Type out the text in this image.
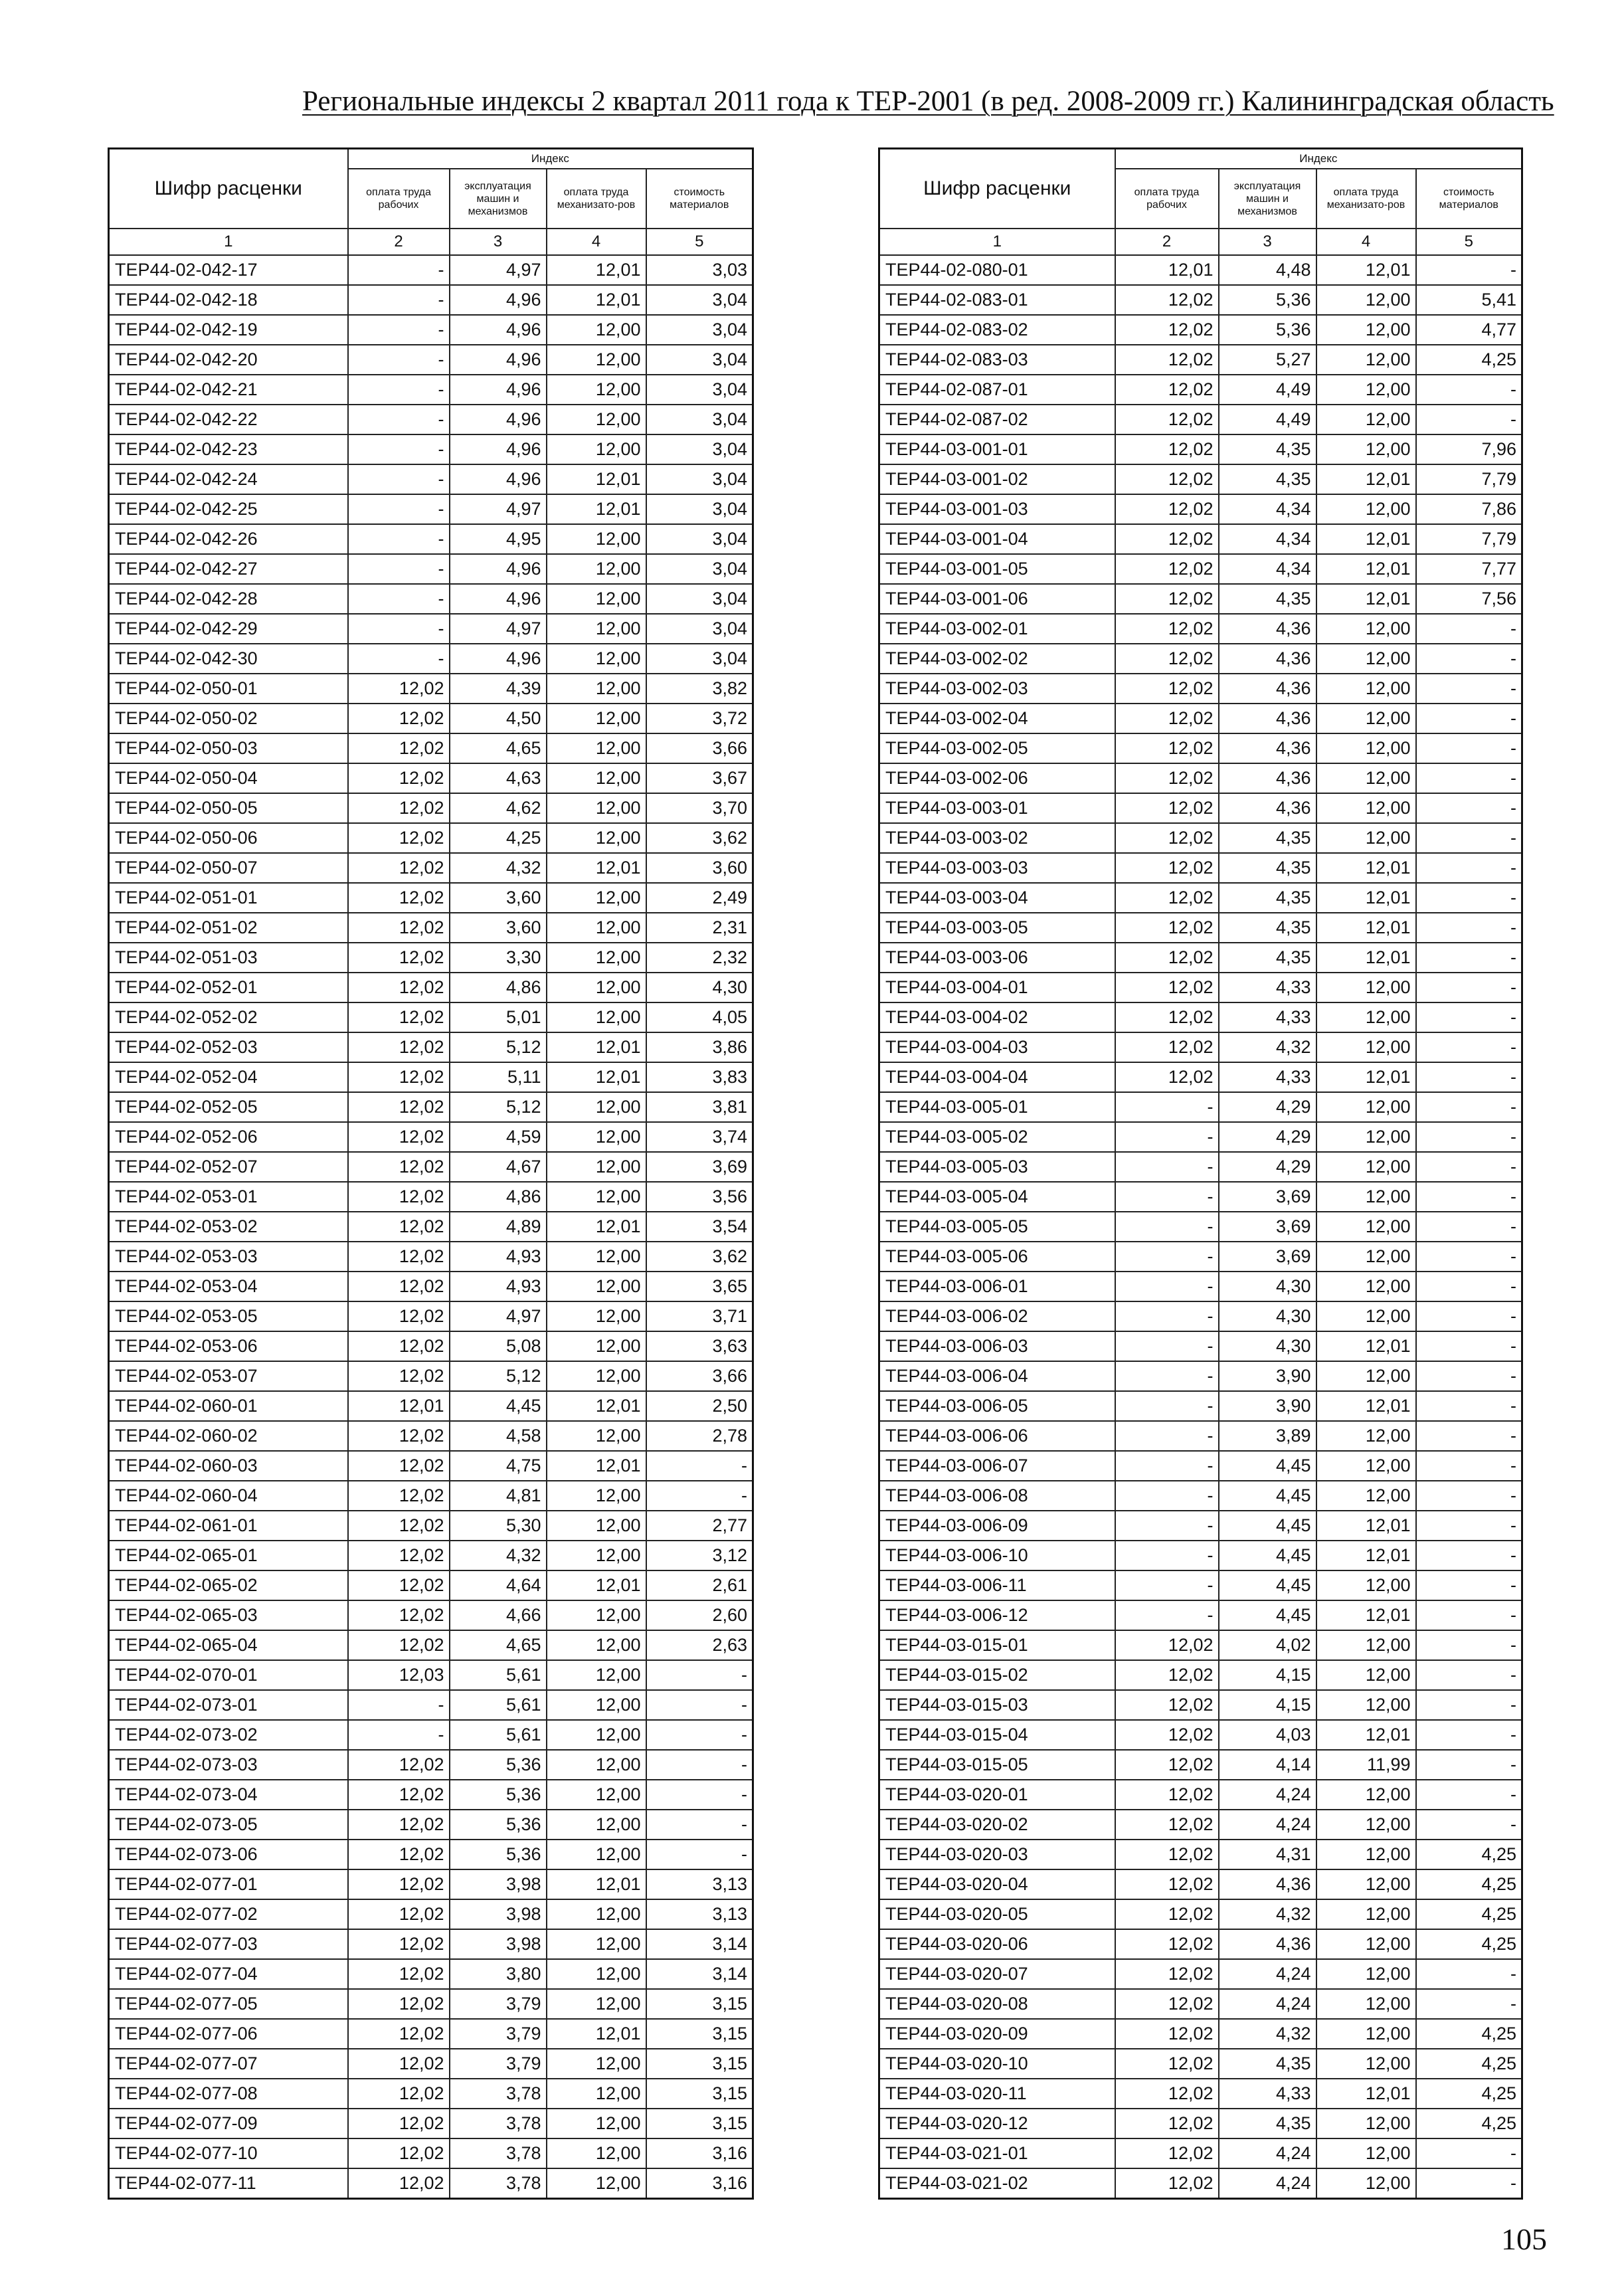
Региональные индексы 2 квартал 2011 года к ТЕР-2001 (в ред. 2008-2009 гг.) Калининградская область
Шифр расценки	Индекс			
	оплата труда рабочих	эксплуатация машин и механизмов	оплата труда механизато-ров	стоимость материалов
1	2	3	4	5
ТЕР44-02-042-17	-	4,97	12,01	3,03
ТЕР44-02-042-18	-	4,96	12,01	3,04
ТЕР44-02-042-19	-	4,96	12,00	3,04
ТЕР44-02-042-20	-	4,96	12,00	3,04
ТЕР44-02-042-21	-	4,96	12,00	3,04
ТЕР44-02-042-22	-	4,96	12,00	3,04
ТЕР44-02-042-23	-	4,96	12,00	3,04
ТЕР44-02-042-24	-	4,96	12,01	3,04
ТЕР44-02-042-25	-	4,97	12,01	3,04
ТЕР44-02-042-26	-	4,95	12,00	3,04
ТЕР44-02-042-27	-	4,96	12,00	3,04
ТЕР44-02-042-28	-	4,96	12,00	3,04
ТЕР44-02-042-29	-	4,97	12,00	3,04
ТЕР44-02-042-30	-	4,96	12,00	3,04
ТЕР44-02-050-01	12,02	4,39	12,00	3,82
ТЕР44-02-050-02	12,02	4,50	12,00	3,72
ТЕР44-02-050-03	12,02	4,65	12,00	3,66
ТЕР44-02-050-04	12,02	4,63	12,00	3,67
ТЕР44-02-050-05	12,02	4,62	12,00	3,70
ТЕР44-02-050-06	12,02	4,25	12,00	3,62
ТЕР44-02-050-07	12,02	4,32	12,01	3,60
ТЕР44-02-051-01	12,02	3,60	12,00	2,49
ТЕР44-02-051-02	12,02	3,60	12,00	2,31
ТЕР44-02-051-03	12,02	3,30	12,00	2,32
ТЕР44-02-052-01	12,02	4,86	12,00	4,30
ТЕР44-02-052-02	12,02	5,01	12,00	4,05
ТЕР44-02-052-03	12,02	5,12	12,01	3,86
ТЕР44-02-052-04	12,02	5,11	12,01	3,83
ТЕР44-02-052-05	12,02	5,12	12,00	3,81
ТЕР44-02-052-06	12,02	4,59	12,00	3,74
ТЕР44-02-052-07	12,02	4,67	12,00	3,69
ТЕР44-02-053-01	12,02	4,86	12,00	3,56
ТЕР44-02-053-02	12,02	4,89	12,01	3,54
ТЕР44-02-053-03	12,02	4,93	12,00	3,62
ТЕР44-02-053-04	12,02	4,93	12,00	3,65
ТЕР44-02-053-05	12,02	4,97	12,00	3,71
ТЕР44-02-053-06	12,02	5,08	12,00	3,63
ТЕР44-02-053-07	12,02	5,12	12,00	3,66
ТЕР44-02-060-01	12,01	4,45	12,01	2,50
ТЕР44-02-060-02	12,02	4,58	12,00	2,78
ТЕР44-02-060-03	12,02	4,75	12,01	-
ТЕР44-02-060-04	12,02	4,81	12,00	-
ТЕР44-02-061-01	12,02	5,30	12,00	2,77
ТЕР44-02-065-01	12,02	4,32	12,00	3,12
ТЕР44-02-065-02	12,02	4,64	12,01	2,61
ТЕР44-02-065-03	12,02	4,66	12,00	2,60
ТЕР44-02-065-04	12,02	4,65	12,00	2,63
ТЕР44-02-070-01	12,03	5,61	12,00	-
ТЕР44-02-073-01	-	5,61	12,00	-
ТЕР44-02-073-02	-	5,61	12,00	-
ТЕР44-02-073-03	12,02	5,36	12,00	-
ТЕР44-02-073-04	12,02	5,36	12,00	-
ТЕР44-02-073-05	12,02	5,36	12,00	-
ТЕР44-02-073-06	12,02	5,36	12,00	-
ТЕР44-02-077-01	12,02	3,98	12,01	3,13
ТЕР44-02-077-02	12,02	3,98	12,00	3,13
ТЕР44-02-077-03	12,02	3,98	12,00	3,14
ТЕР44-02-077-04	12,02	3,80	12,00	3,14
ТЕР44-02-077-05	12,02	3,79	12,00	3,15
ТЕР44-02-077-06	12,02	3,79	12,01	3,15
ТЕР44-02-077-07	12,02	3,79	12,00	3,15
ТЕР44-02-077-08	12,02	3,78	12,00	3,15
ТЕР44-02-077-09	12,02	3,78	12,00	3,15
ТЕР44-02-077-10	12,02	3,78	12,00	3,16
ТЕР44-02-077-11	12,02	3,78	12,00	3,16
Шифр расценки	Индекс			
	оплата труда рабочих	эксплуатация машин и механизмов	оплата труда механизато-ров	стоимость материалов
1	2	3	4	5
ТЕР44-02-080-01	12,01	4,48	12,01	-
ТЕР44-02-083-01	12,02	5,36	12,00	5,41
ТЕР44-02-083-02	12,02	5,36	12,00	4,77
ТЕР44-02-083-03	12,02	5,27	12,00	4,25
ТЕР44-02-087-01	12,02	4,49	12,00	-
ТЕР44-02-087-02	12,02	4,49	12,00	-
ТЕР44-03-001-01	12,02	4,35	12,00	7,96
ТЕР44-03-001-02	12,02	4,35	12,01	7,79
ТЕР44-03-001-03	12,02	4,34	12,00	7,86
ТЕР44-03-001-04	12,02	4,34	12,01	7,79
ТЕР44-03-001-05	12,02	4,34	12,01	7,77
ТЕР44-03-001-06	12,02	4,35	12,01	7,56
ТЕР44-03-002-01	12,02	4,36	12,00	-
ТЕР44-03-002-02	12,02	4,36	12,00	-
ТЕР44-03-002-03	12,02	4,36	12,00	-
ТЕР44-03-002-04	12,02	4,36	12,00	-
ТЕР44-03-002-05	12,02	4,36	12,00	-
ТЕР44-03-002-06	12,02	4,36	12,00	-
ТЕР44-03-003-01	12,02	4,36	12,00	-
ТЕР44-03-003-02	12,02	4,35	12,00	-
ТЕР44-03-003-03	12,02	4,35	12,01	-
ТЕР44-03-003-04	12,02	4,35	12,01	-
ТЕР44-03-003-05	12,02	4,35	12,01	-
ТЕР44-03-003-06	12,02	4,35	12,01	-
ТЕР44-03-004-01	12,02	4,33	12,00	-
ТЕР44-03-004-02	12,02	4,33	12,00	-
ТЕР44-03-004-03	12,02	4,32	12,00	-
ТЕР44-03-004-04	12,02	4,33	12,01	-
ТЕР44-03-005-01	-	4,29	12,00	-
ТЕР44-03-005-02	-	4,29	12,00	-
ТЕР44-03-005-03	-	4,29	12,00	-
ТЕР44-03-005-04	-	3,69	12,00	-
ТЕР44-03-005-05	-	3,69	12,00	-
ТЕР44-03-005-06	-	3,69	12,00	-
ТЕР44-03-006-01	-	4,30	12,00	-
ТЕР44-03-006-02	-	4,30	12,00	-
ТЕР44-03-006-03	-	4,30	12,01	-
ТЕР44-03-006-04	-	3,90	12,00	-
ТЕР44-03-006-05	-	3,90	12,01	-
ТЕР44-03-006-06	-	3,89	12,00	-
ТЕР44-03-006-07	-	4,45	12,00	-
ТЕР44-03-006-08	-	4,45	12,00	-
ТЕР44-03-006-09	-	4,45	12,01	-
ТЕР44-03-006-10	-	4,45	12,01	-
ТЕР44-03-006-11	-	4,45	12,00	-
ТЕР44-03-006-12	-	4,45	12,01	-
ТЕР44-03-015-01	12,02	4,02	12,00	-
ТЕР44-03-015-02	12,02	4,15	12,00	-
ТЕР44-03-015-03	12,02	4,15	12,00	-
ТЕР44-03-015-04	12,02	4,03	12,01	-
ТЕР44-03-015-05	12,02	4,14	11,99	-
ТЕР44-03-020-01	12,02	4,24	12,00	-
ТЕР44-03-020-02	12,02	4,24	12,00	-
ТЕР44-03-020-03	12,02	4,31	12,00	4,25
ТЕР44-03-020-04	12,02	4,36	12,00	4,25
ТЕР44-03-020-05	12,02	4,32	12,00	4,25
ТЕР44-03-020-06	12,02	4,36	12,00	4,25
ТЕР44-03-020-07	12,02	4,24	12,00	-
ТЕР44-03-020-08	12,02	4,24	12,00	-
ТЕР44-03-020-09	12,02	4,32	12,00	4,25
ТЕР44-03-020-10	12,02	4,35	12,00	4,25
ТЕР44-03-020-11	12,02	4,33	12,01	4,25
ТЕР44-03-020-12	12,02	4,35	12,00	4,25
ТЕР44-03-021-01	12,02	4,24	12,00	-
ТЕР44-03-021-02	12,02	4,24	12,00	-
105
